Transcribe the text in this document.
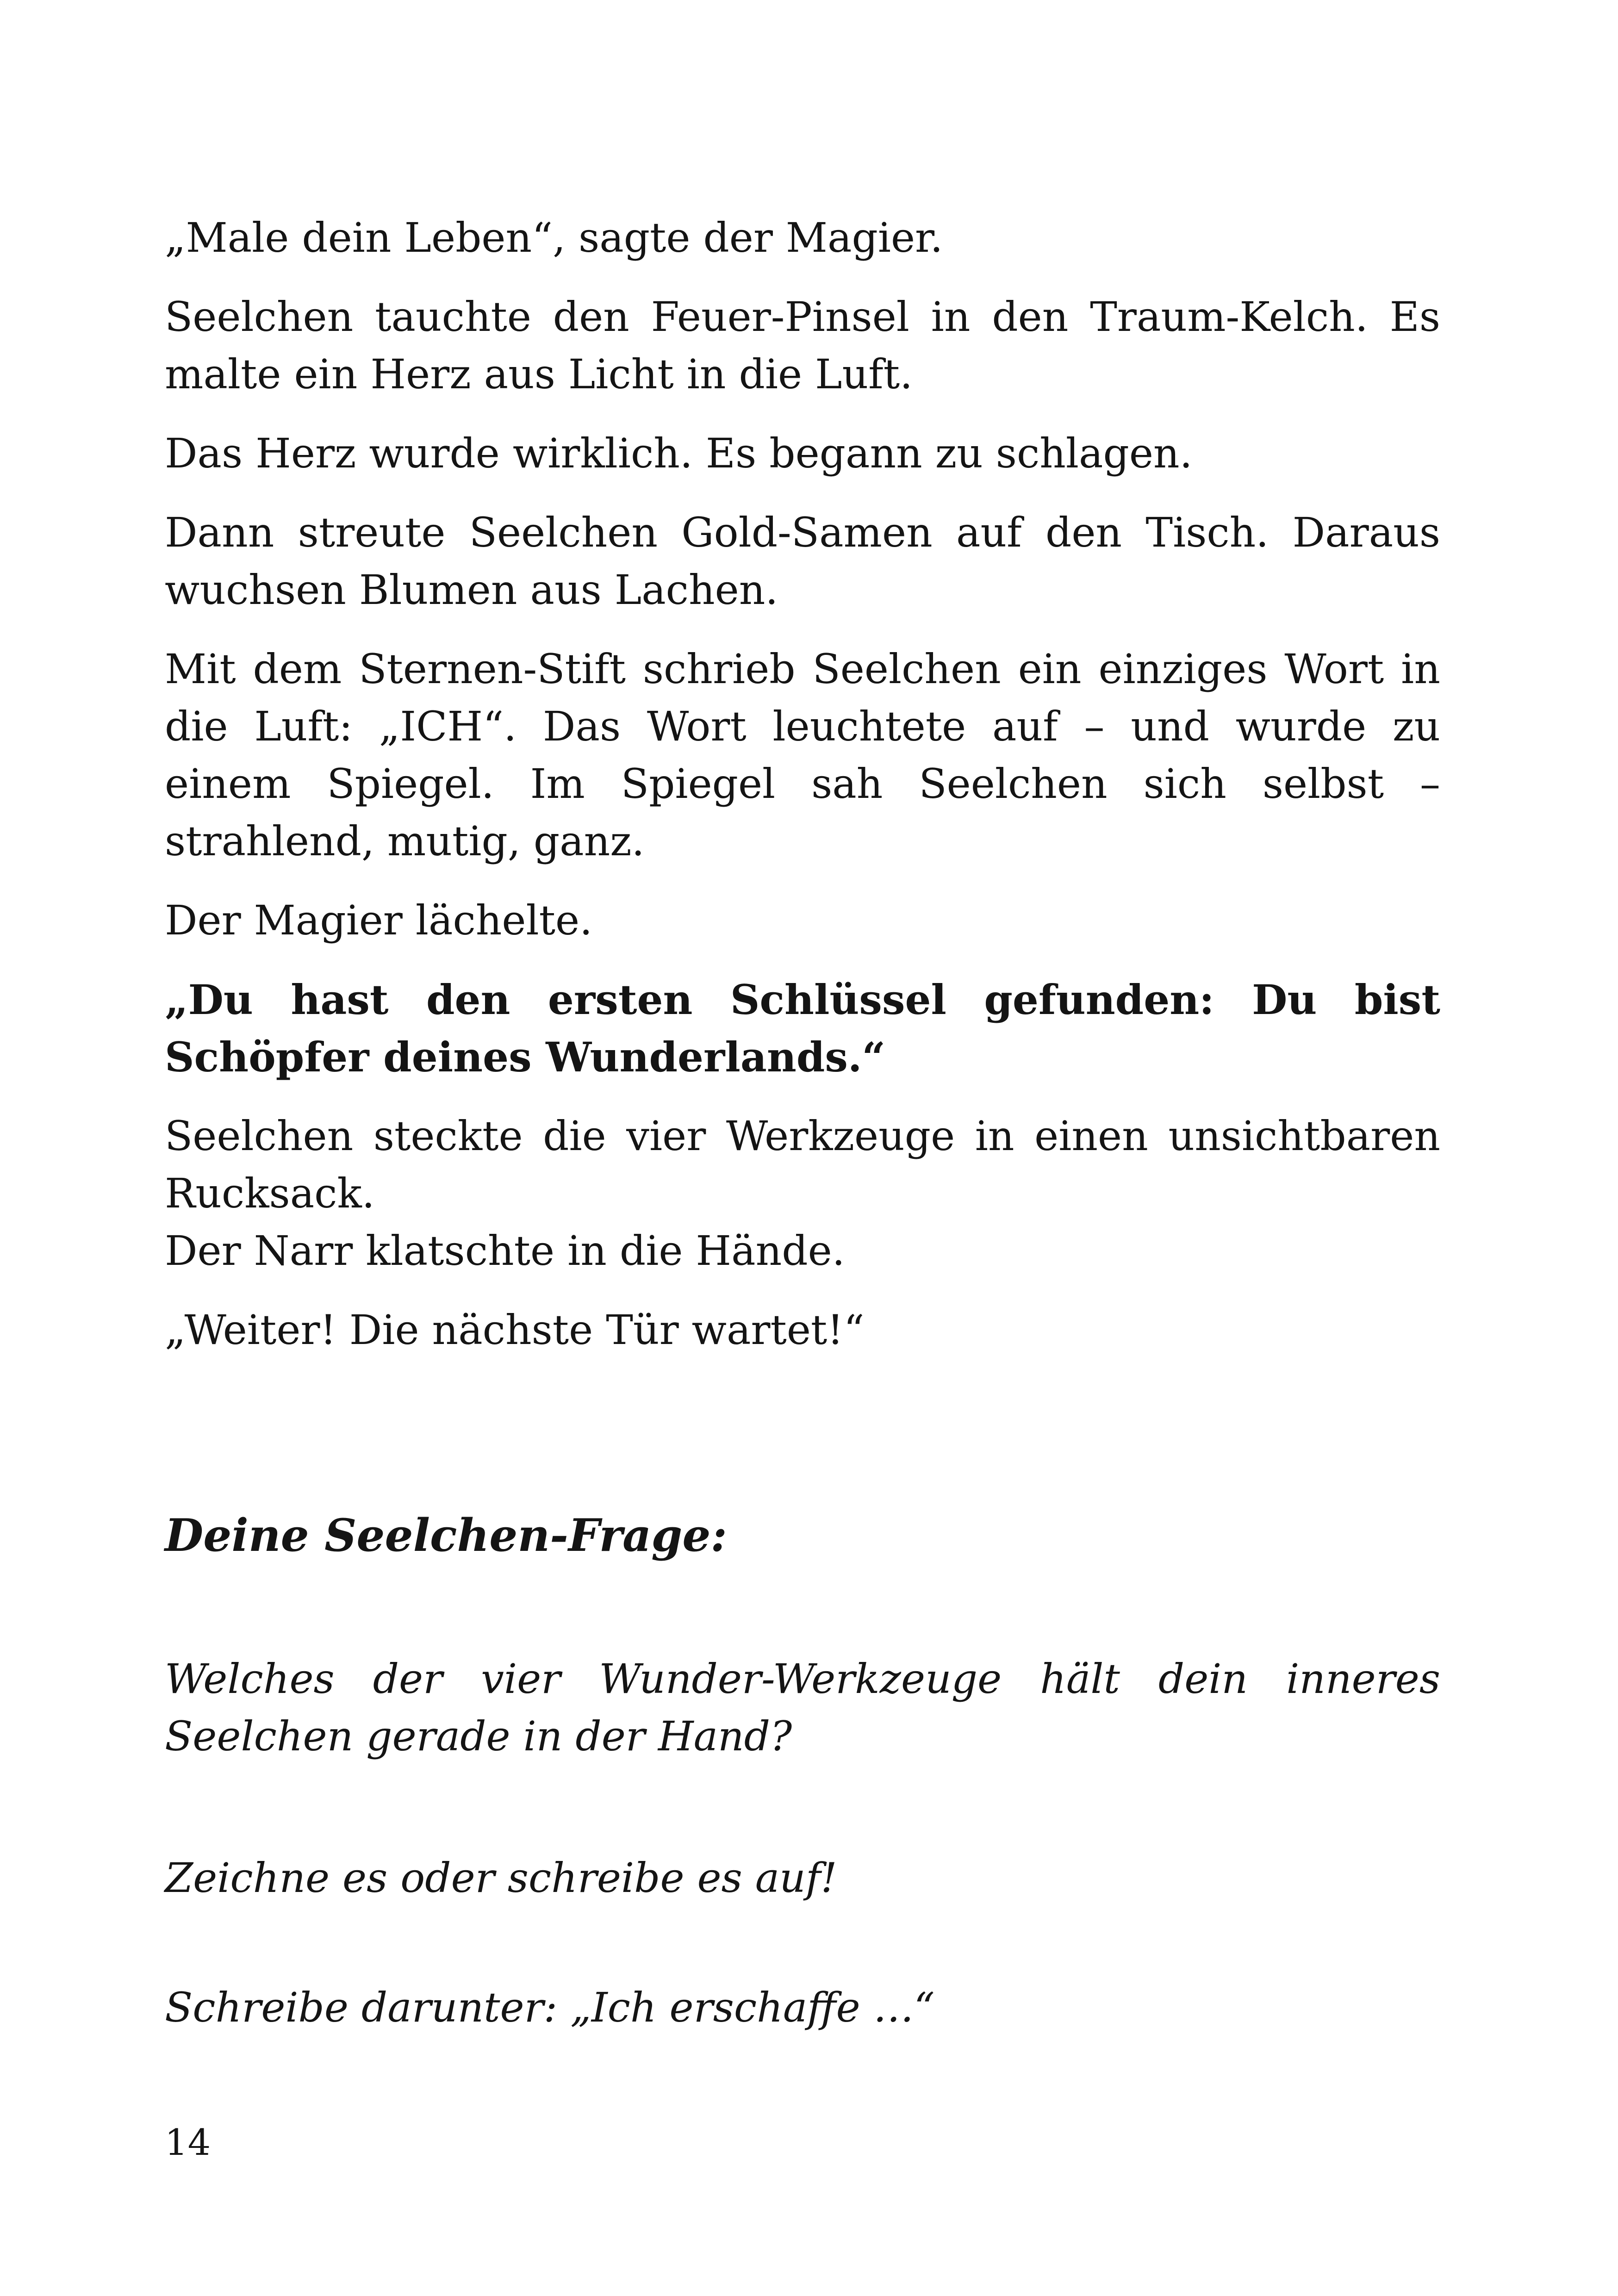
„Male dein Leben“, sagte der Magier.

Seelchen tauchte den Feuer-Pinsel in den Traum-Kelch. Es malte ein Herz aus Licht in die Luft.

Das Herz wurde wirklich. Es begann zu schlagen.

Dann streute Seelchen Gold-Samen auf den Tisch. Daraus wuchsen Blumen aus Lachen.

Mit dem Sternen-Stift schrieb Seelchen ein einziges Wort in die Luft: „ICH“. Das Wort leuchtete auf – und wurde zu einem Spiegel. Im Spiegel sah Seelchen sich selbst – strahlend, mutig, ganz.

Der Magier lächelte.

„Du hast den ersten Schlüssel gefunden: Du bist Schöpfer deines Wunderlands.“

Seelchen steckte die vier Werkzeuge in einen unsichtbaren Rucksack.

Der Narr klatschte in die Hände.

„Weiter! Die nächste Tür wartet!“

Deine Seelchen-Frage:

Welches der vier Wunder-Werkzeuge hält dein inneres Seelchen gerade in der Hand?

Zeichne es oder schreibe es auf!

Schreibe darunter: „Ich erschaffe …“

14
